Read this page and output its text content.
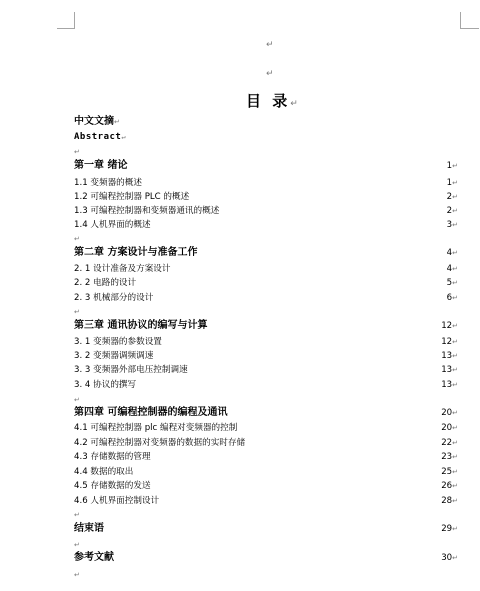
↵
↵
目 录↵
中文文摘↵
Abstract↵
↵
第一章 绪论	1↵
1.1 变频器的概述	1↵
1.2 可编程控制器 PLC 的概述	2↵
1.3 可编程控制器和变频器通讯的概述	2↵
1.4 人机界面的概述	3↵
↵
第二章 方案设计与准备工作	4↵
2. 1 设计准备及方案设计	4↵
2. 2 电路的设计	5↵
2. 3 机械部分的设计	6↵
↵
第三章 通讯协议的编写与计算	12↵
3. 1 变频器的参数设置	12↵
3. 2 变频器调频调速	13↵
3. 3 变频器外部电压控制调速	13↵
3. 4 协议的撰写	13↵
↵
第四章 可编程控制器的编程及通讯	20↵
4.1 可编程控制器 plc 编程对变频器的控制	20↵
4.2 可编程控制器对变频器的数据的实时存储	22↵
4.3 存储数据的管理	23↵
4.4 数据的取出	25↵
4.5 存储数据的发送	26↵
4.6 人机界面控制设计	28↵
↵
结束语	29↵
↵
参考文献	30↵
↵
